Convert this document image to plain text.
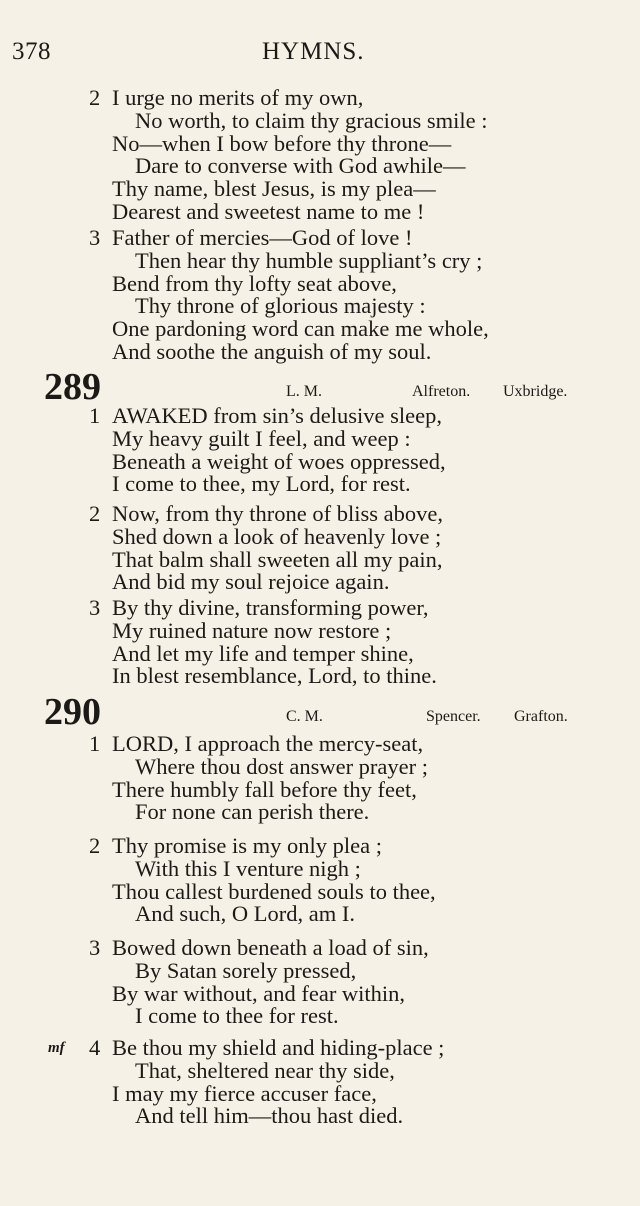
378	HYMNS.
2 I urge no merits of my own,
No worth, to claim thy gracious smile :
No—when I bow before thy throne—
Dare to converse with God awhile—
Thy name, blest Jesus, is my plea—
Dearest and sweetest name to me !
3 Father of mercies—God of love !
Then hear thy humble suppliant’s cry ;
Bend from thy lofty seat above,
Thy throne of glorious majesty :
One pardoning word can make me whole,
And soothe the anguish of my soul.
289	L. M.	Alfreton. Uxbridge.
1 AWAKED from sin’s delusive sleep,
My heavy guilt I feel, and weep :
Beneath a weight of woes oppressed,
I come to thee, my Lord, for rest.
2 Now, from thy throne of bliss above,
Shed down a look of heavenly love ;
That balm shall sweeten all my pain,
And bid my soul rejoice again.
3 By thy divine, transforming power,
My ruined nature now restore ;
And let my life and temper shine,
In blest resemblance, Lord, to thine.
290	C. M.	Spencer. Grafton.
1 LORD, I approach the mercy-seat,
Where thou dost answer prayer ;
There humbly fall before thy feet,
For none can perish there.
2 Thy promise is my only plea ;
With this I venture nigh ;
Thou callest burdened souls to thee,
And such, O Lord, am I.
3 Bowed down beneath a load of sin,
By Satan sorely pressed,
By war without, and fear within,
I come to thee for rest.
4
mf Be thou my shield and hiding-place ;
That, sheltered near thy side,
I may my fierce accuser face,
And tell him—thou hast died.
